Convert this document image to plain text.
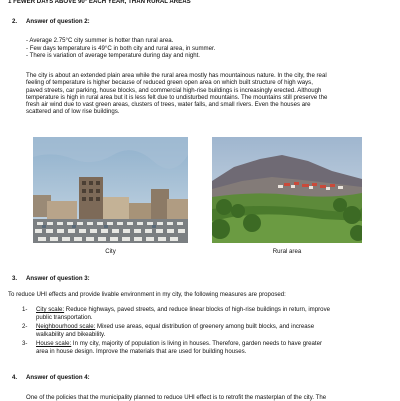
1 FEWER DAYS ABOVE 90° EACH YEAR, THAN RURAL AREAS
2. Answer of question 2:
- Average 2.75°C city summer is hotter than rural area.
- Few days temperature is 49°C in both city and rural area, in summer.
- There is variation of average temperature during day and night.
The city is about an extended plain area while the rural area mostly has mountainous nature. In the city, the real
feeling of temperature is higher because of reduced green open area on which built structure of high ways,
paved streets, car parking, house blocks, and commercial high-rise buildings is increasingly erected. Although
temperature is high in rural area but it is less felt due to undisturbed mountains. The mountains still preserve the
fresh air wind due to vast green areas, clusters of trees, water falls, and small rivers. Even the houses are
scattered and of low rise buildings.
City	Rural area
3. Answer of question 3:
To reduce UHI effects and provide livable environment in my city, the following measures are proposed:
1- City scale: Reduce highways, paved streets, and reduce linear blocks of high-rise buildings in return, improve
public transportation.
2- Neighbourhood scale: Mixed use areas, equal distribution of greenery among built blocks, and increase
walkability and bikeability.
3- House scale: In my city, majority of population is living in houses. Therefore, garden needs to have greater
area in house design. Improve the materials that are used for building houses.
4. Answer of question 4:
One of the policies that the municipality planned to reduce UHI effect is to retrofit the masterplan of the city. The
